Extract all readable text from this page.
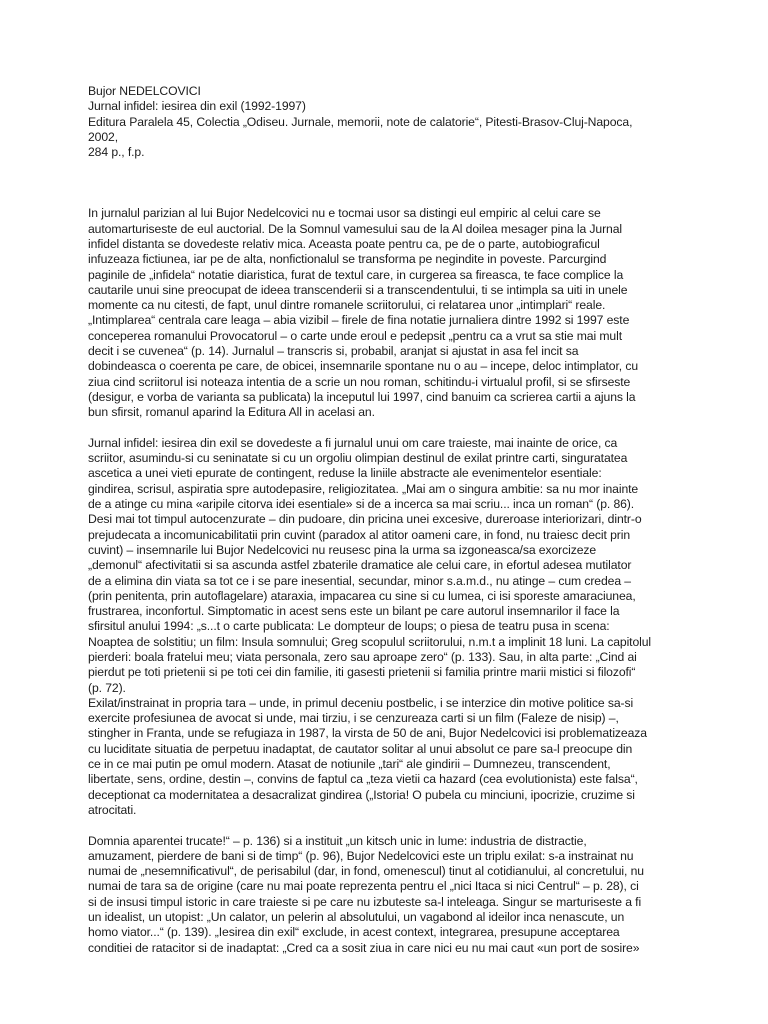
Bujor NEDELCOVICI
Jurnal infidel: iesirea din exil (1992-1997)
Editura Paralela 45, Colectia „Odiseu. Jurnale, memorii, note de calatorie“, Pitesti-Brasov-Cluj-Napoca,
2002,
284 p., f.p.
In jurnalul parizian al lui Bujor Nedelcovici nu e tocmai usor sa distingi eul empiric al celui care se
automarturiseste de eul auctorial. De la Somnul vamesului sau de la Al doilea mesager pina la Jurnal
infidel distanta se dovedeste relativ mica. Aceasta poate pentru ca, pe de o parte, autobiograficul
infuzeaza fictiunea, iar pe de alta, nonfictionalul se transforma pe negindite in poveste. Parcurgind
paginile de „infidela“ notatie diaristica, furat de textul care, in curgerea sa fireasca, te face complice la
cautarile unui sine preocupat de ideea transcenderii si a transcendentului, ti se intimpla sa uiti in unele
momente ca nu citesti, de fapt, unul dintre romanele scriitorului, ci relatarea unor „intimplari“ reale.
„Intimplarea“ centrala care leaga – abia vizibil – firele de fina notatie jurnaliera dintre 1992 si 1997 este
conceperea romanului Provocatorul – o carte unde eroul e pedepsit „pentru ca a vrut sa stie mai mult
decit i se cuvenea“ (p. 14). Jurnalul – transcris si, probabil, aranjat si ajustat in asa fel incit sa
dobindeasca o coerenta pe care, de obicei, insemnarile spontane nu o au – incepe, deloc intimplator, cu
ziua cind scriitorul isi noteaza intentia de a scrie un nou roman, schitindu-i virtualul profil, si se sfirseste
(desigur, e vorba de varianta sa publicata) la inceputul lui 1997, cind banuim ca scrierea cartii a ajuns la
bun sfirsit, romanul aparind la Editura All in acelasi an.
Jurnal infidel: iesirea din exil se dovedeste a fi jurnalul unui om care traieste, mai inainte de orice, ca
scriitor, asumindu-si cu seninatate si cu un orgoliu olimpian destinul de exilat printre carti, singuratatea
ascetica a unei vieti epurate de contingent, reduse la liniile abstracte ale evenimentelor esentiale:
gindirea, scrisul, aspiratia spre autodepasire, religiozitatea. „Mai am o singura ambitie: sa nu mor inainte
de a atinge cu mina «aripile citorva idei esentiale» si de a incerca sa mai scriu... inca un roman“ (p. 86).
Desi mai tot timpul autocenzurate – din pudoare, din pricina unei excesive, dureroase interiorizari, dintr-o
prejudecata a incomunicabilitatii prin cuvint (paradox al atitor oameni care, in fond, nu traiesc decit prin
cuvint) – insemnarile lui Bujor Nedelcovici nu reusesc pina la urma sa izgoneasca/sa exorcizeze
„demonul“ afectivitatii si sa ascunda astfel zbaterile dramatice ale celui care, in efortul adesea mutilator
de a elimina din viata sa tot ce i se pare inesential, secundar, minor s.a.m.d., nu atinge – cum credea –
(prin penitenta, prin autoflagelare) ataraxia, impacarea cu sine si cu lumea, ci isi sporeste amaraciunea,
frustrarea, inconfortul. Simptomatic in acest sens este un bilant pe care autorul insemnarilor il face la
sfirsitul anului 1994: „s...t o carte publicata: Le dompteur de loups; o piesa de teatru pusa in scena:
Noaptea de solstitiu; un film: Insula somnului; Greg scopulul scriitorului, n.m.t a implinit 18 luni. La capitolul
pierderi: boala fratelui meu; viata personala, zero sau aproape zero“ (p. 133). Sau, in alta parte: „Cind ai
pierdut pe toti prietenii si pe toti cei din familie, iti gasesti prietenii si familia printre marii mistici si filozofi“
(p. 72).
Exilat/instrainat in propria tara – unde, in primul deceniu postbelic, i se interzice din motive politice sa-si
exercite profesiunea de avocat si unde, mai tirziu, i se cenzureaza carti si un film (Faleze de nisip) –,
stingher in Franta, unde se refugiaza in 1987, la virsta de 50 de ani, Bujor Nedelcovici isi problematizeaza
cu luciditate situatia de perpetuu inadaptat, de cautator solitar al unui absolut ce pare sa-l preocupe din
ce in ce mai putin pe omul modern. Atasat de notiunile „tari“ ale gindirii – Dumnezeu, transcendent,
libertate, sens, ordine, destin –, convins de faptul ca „teza vietii ca hazard (cea evolutionista) este falsa“,
deceptionat ca modernitatea a desacralizat gindirea („Istoria! O pubela cu minciuni, ipocrizie, cruzime si
atrocitati.
Domnia aparentei trucate!“ – p. 136) si a instituit „un kitsch unic in lume: industria de distractie,
amuzament, pierdere de bani si de timp“ (p. 96), Bujor Nedelcovici este un triplu exilat: s-a instrainat nu
numai de „nesemnificativul“, de perisabilul (dar, in fond, omenescul) tinut al cotidianului, al concretului, nu
numai de tara sa de origine (care nu mai poate reprezenta pentru el „nici Itaca si nici Centrul“ – p. 28), ci
si de insusi timpul istoric in care traieste si pe care nu izbuteste sa-l inteleaga. Singur se marturiseste a fi
un idealist, un utopist: „Un calator, un pelerin al absolutului, un vagabond al ideilor inca nenascute, un
homo viator...“ (p. 139). „Iesirea din exil“ exclude, in acest context, integrarea, presupune acceptarea
conditiei de ratacitor si de inadaptat: „Cred ca a sosit ziua in care nici eu nu mai caut «un port de sosire»
